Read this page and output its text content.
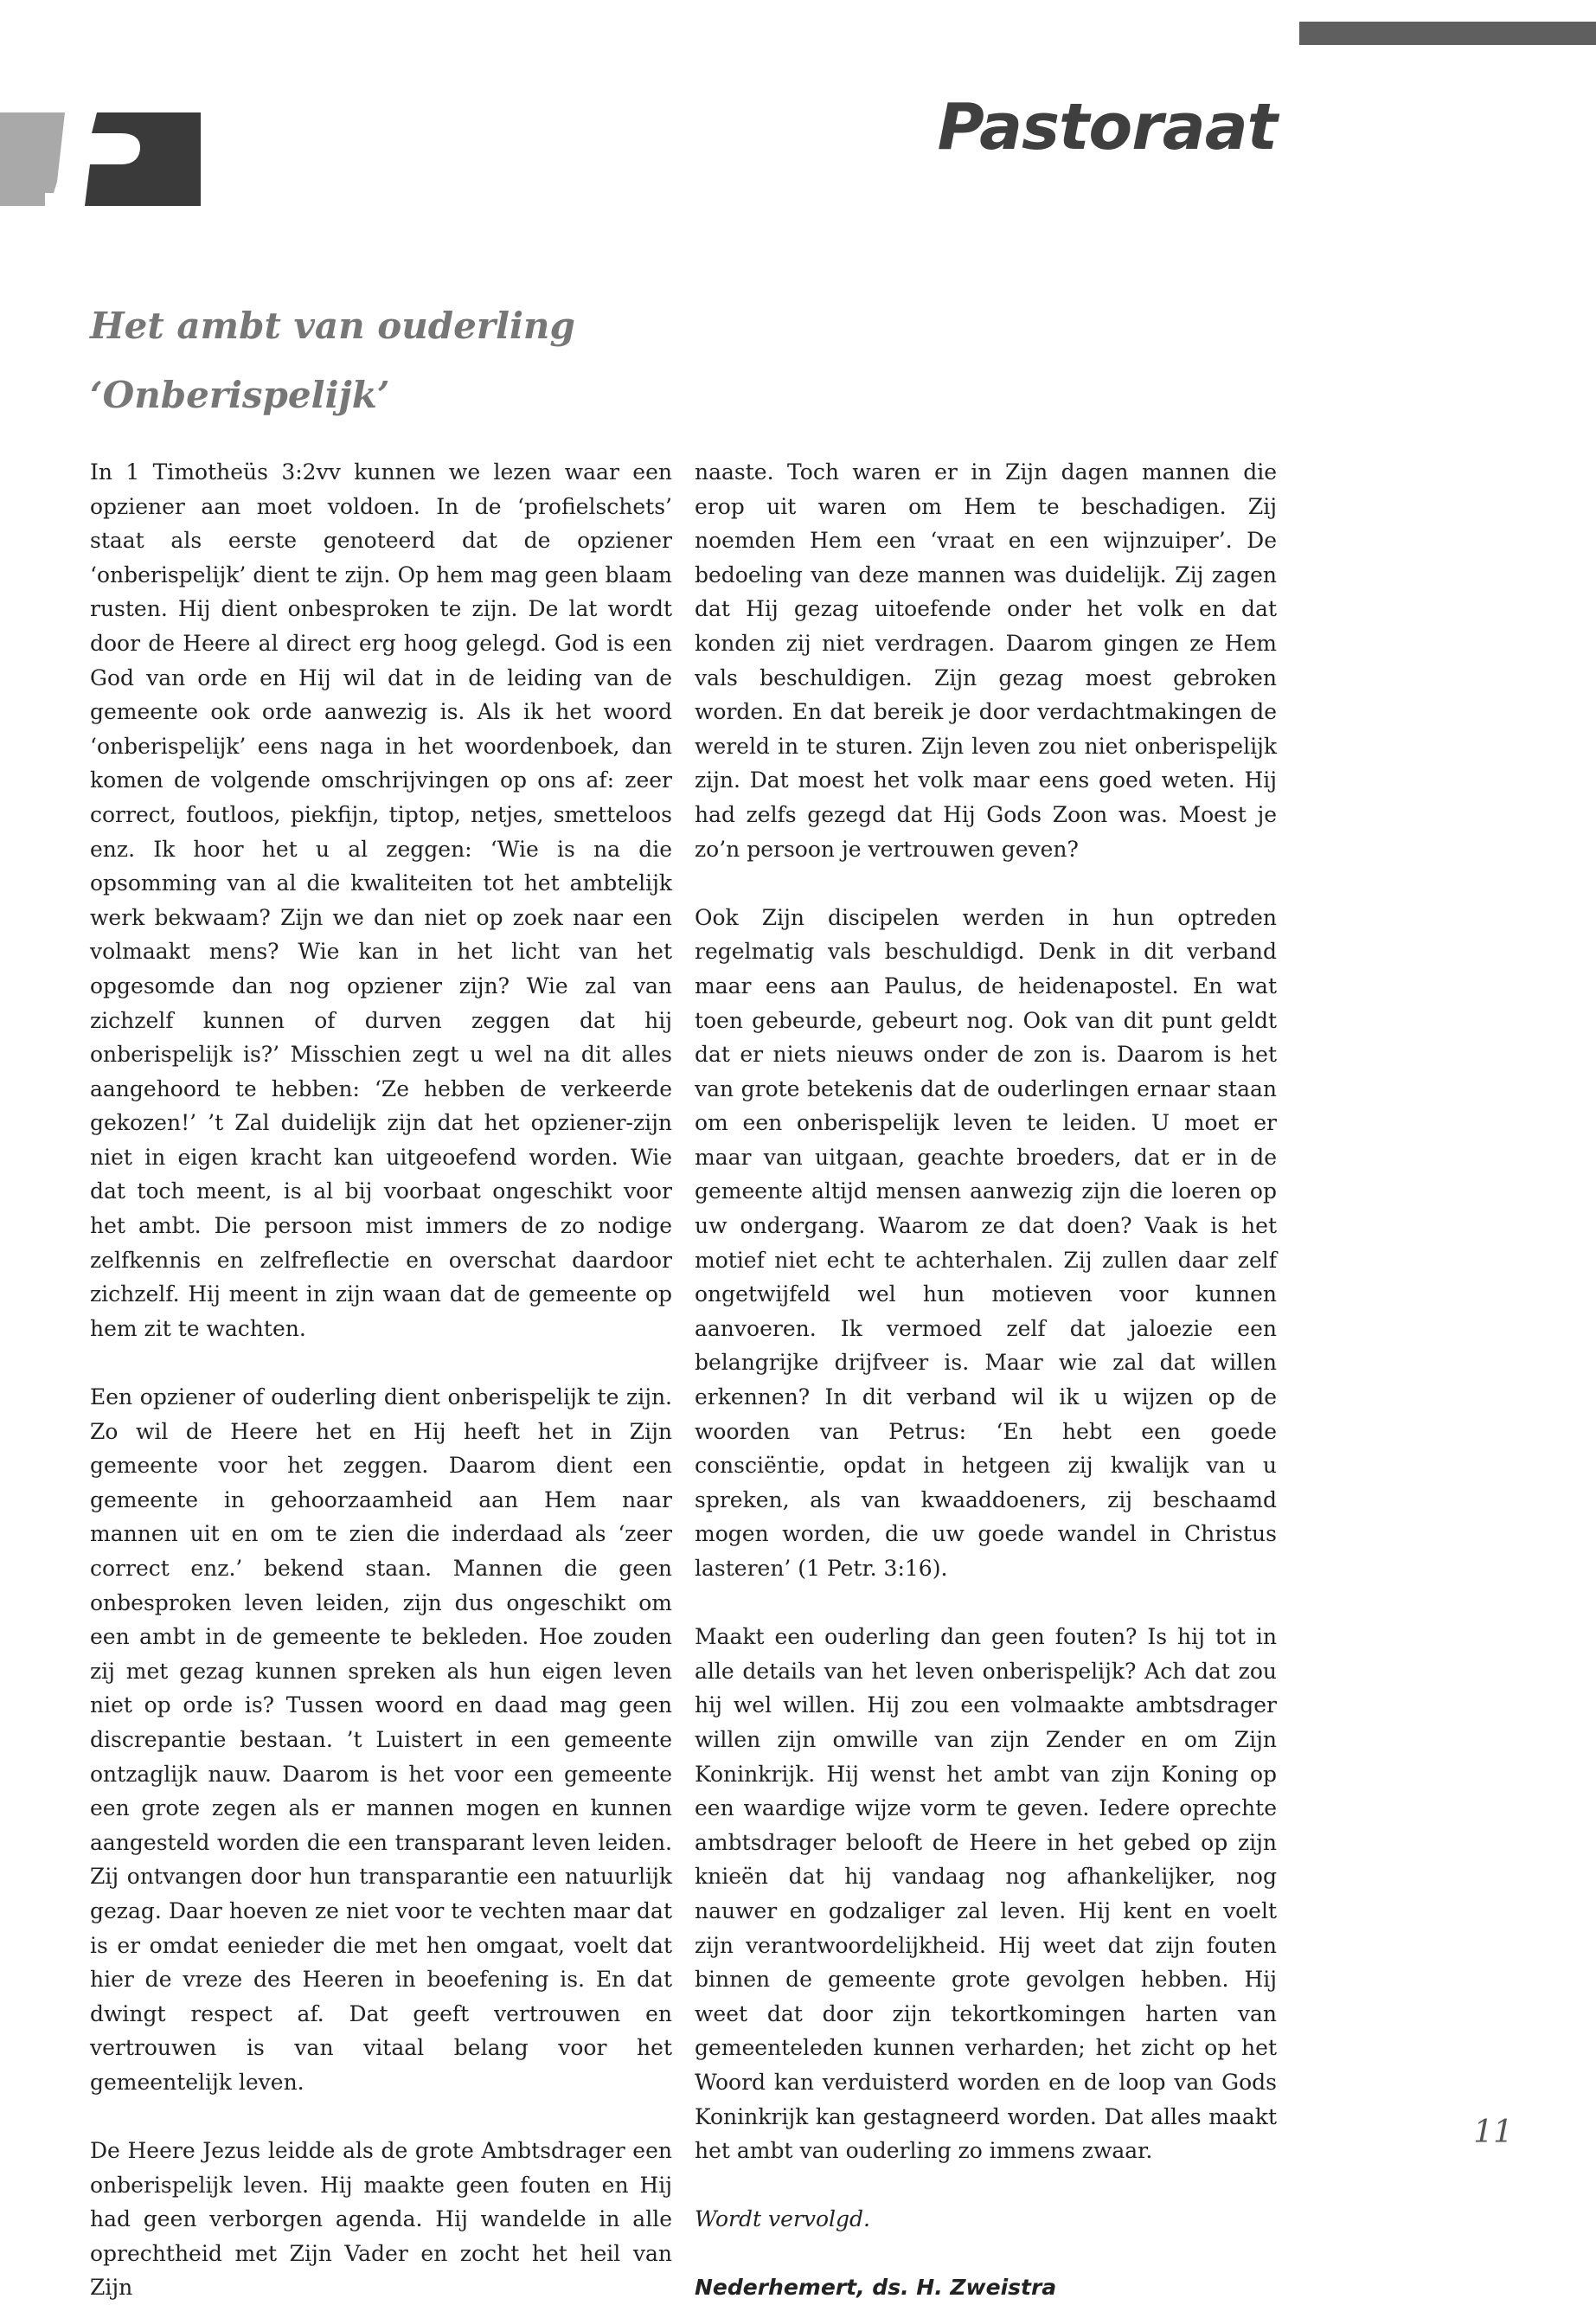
Pastoraat
Het ambt van ouderling
‘Onberispelijk’

In 1 Timotheüs 3:2vv kunnen we lezen waar een opziener aan moet voldoen. In de ‘profielschets’ staat als eerste genoteerd dat de opziener ‘onberispelijk’ dient te zijn. Op hem mag geen blaam rusten. Hij dient onbesproken te zijn. De lat wordt door de Heere al direct erg hoog gelegd. God is een God van orde en Hij wil dat in de leiding van de gemeente ook orde aanwezig is. Als ik het woord ‘onberispelijk’ eens naga in het woordenboek, dan komen de volgende omschrijvingen op ons af: zeer correct, foutloos, piekfijn, tiptop, netjes, smetteloos enz. Ik hoor het u al zeggen: ‘Wie is na die opsomming van al die kwaliteiten tot het ambtelijk werk bekwaam? Zijn we dan niet op zoek naar een volmaakt mens? Wie kan in het licht van het opgesomde dan nog opziener zijn? Wie zal van zichzelf kunnen of durven zeggen dat hij onberispelijk is?’ Misschien zegt u wel na dit alles aangehoord te hebben: ‘Ze hebben de verkeerde gekozen!’ ’t Zal duidelijk zijn dat het opziener-zijn niet in eigen kracht kan uitgeoefend worden. Wie dat toch meent, is al bij voorbaat ongeschikt voor het ambt. Die persoon mist immers de zo nodige zelfkennis en zelfreflectie en overschat daardoor zichzelf. Hij meent in zijn waan dat de gemeente op hem zit te wachten.

Een opziener of ouderling dient onberispelijk te zijn. Zo wil de Heere het en Hij heeft het in Zijn gemeente voor het zeggen. Daarom dient een gemeente in gehoorzaamheid aan Hem naar mannen uit en om te zien die inderdaad als ‘zeer correct enz.’ bekend staan. Mannen die geen onbesproken leven leiden, zijn dus ongeschikt om een ambt in de gemeente te bekleden. Hoe zouden zij met gezag kunnen spreken als hun eigen leven niet op orde is? Tussen woord en daad mag geen discrepantie bestaan. ’t Luistert in een gemeente ontzaglijk nauw. Daarom is het voor een gemeente een grote zegen als er mannen mogen en kunnen aangesteld worden die een transparant leven leiden. Zij ontvangen door hun transparantie een natuurlijk gezag. Daar hoeven ze niet voor te vechten maar dat is er omdat eenieder die met hen omgaat, voelt dat hier de vreze des Heeren in beoefening is. En dat dwingt respect af. Dat geeft vertrouwen en vertrouwen is van vitaal belang voor het gemeentelijk leven.

De Heere Jezus leidde als de grote Ambtsdrager een onberispelijk leven. Hij maakte geen fouten en Hij had geen verborgen agenda. Hij wandelde in alle oprechtheid met Zijn Vader en zocht het heil van Zijn

naaste. Toch waren er in Zijn dagen mannen die erop uit waren om Hem te beschadigen. Zij noemden Hem een ‘vraat en een wijnzuiper’. De bedoeling van deze mannen was duidelijk. Zij zagen dat Hij gezag uitoefende onder het volk en dat konden zij niet verdragen. Daarom gingen ze Hem vals beschuldigen. Zijn gezag moest gebroken worden. En dat bereik je door verdachtmakingen de wereld in te sturen. Zijn leven zou niet onberispelijk zijn. Dat moest het volk maar eens goed weten. Hij had zelfs gezegd dat Hij Gods Zoon was. Moest je zo’n persoon je vertrouwen geven?

Ook Zijn discipelen werden in hun optreden regelmatig vals beschuldigd. Denk in dit verband maar eens aan Paulus, de heidenapostel. En wat toen gebeurde, gebeurt nog. Ook van dit punt geldt dat er niets nieuws onder de zon is. Daarom is het van grote betekenis dat de ouderlingen ernaar staan om een onberispelijk leven te leiden. U moet er maar van uitgaan, geachte broeders, dat er in de gemeente altijd mensen aanwezig zijn die loeren op uw ondergang. Waarom ze dat doen? Vaak is het motief niet echt te achterhalen. Zij zullen daar zelf ongetwijfeld wel hun motieven voor kunnen aanvoeren. Ik vermoed zelf dat jaloezie een belangrijke drijfveer is. Maar wie zal dat willen erkennen? In dit verband wil ik u wijzen op de woorden van Petrus: ‘En hebt een goede consciëntie, opdat in hetgeen zij kwalijk van u spreken, als van kwaaddoeners, zij beschaamd mogen worden, die uw goede wandel in Christus lasteren’ (1 Petr. 3:16).

Maakt een ouderling dan geen fouten? Is hij tot in alle details van het leven onberispelijk? Ach dat zou hij wel willen. Hij zou een volmaakte ambtsdrager willen zijn omwille van zijn Zender en om Zijn Koninkrijk. Hij wenst het ambt van zijn Koning op een waardige wijze vorm te geven. Iedere oprechte ambtsdrager belooft de Heere in het gebed op zijn knieën dat hij vandaag nog afhankelijker, nog nauwer en godzaliger zal leven. Hij kent en voelt zijn verantwoordelijkheid. Hij weet dat zijn fouten binnen de gemeente grote gevolgen hebben. Hij weet dat door zijn tekortkomingen harten van gemeenteleden kunnen verharden; het zicht op het Woord kan verduisterd worden en de loop van Gods Koninkrijk kan gestagneerd worden. Dat alles maakt het ambt van ouderling zo immens zwaar.

Wordt vervolgd.

Nederhemert, ds. H. Zweistra

11
